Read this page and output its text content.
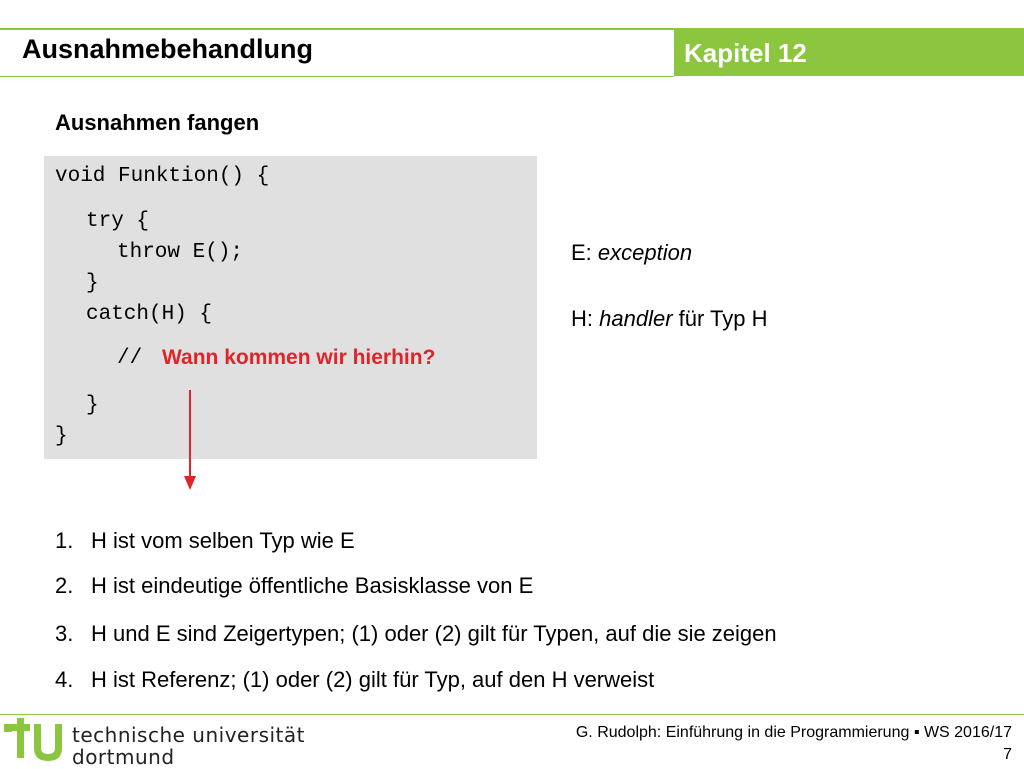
Ausnahmebehandlung	Kapitel 12
Ausnahmen fangen
void Funktion() {
try {
throw E();
}
catch(H) {
// Wann kommen wir hierhin?
}
}
E: exception
H: handler für Typ H
1. H ist vom selben Typ wie E
2. H ist eindeutige öffentliche Basisklasse von E
3. H und E sind Zeigertypen; (1) oder (2) gilt für Typen, auf die sie zeigen
4. H ist Referenz; (1) oder (2) gilt für Typ, auf den H verweist
technische universität
dortmund
G. Rudolph: Einführung in die Programmierung ▪ WS 2016/17
7
